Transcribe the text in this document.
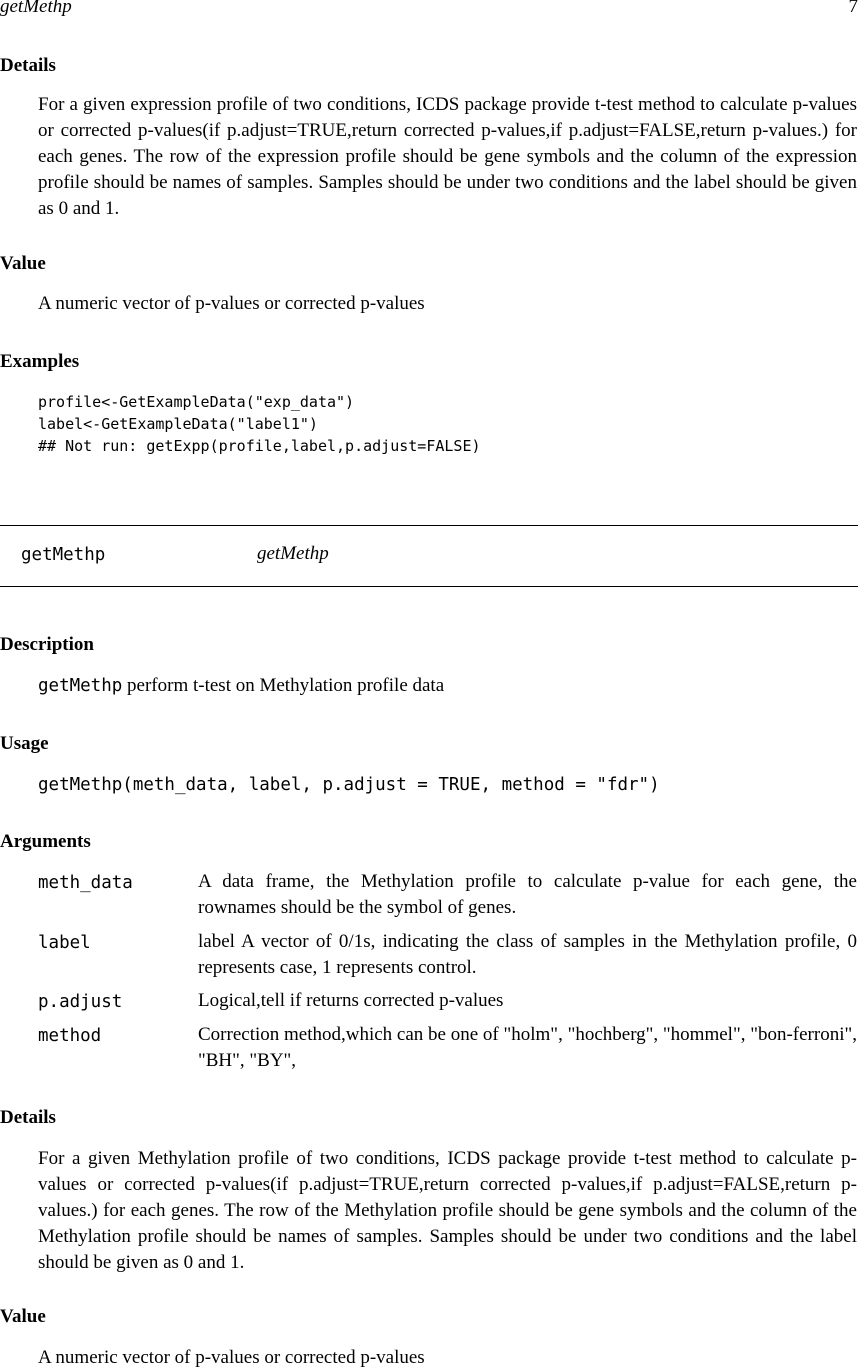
getMethp	7
Details
For a given expression profile of two conditions, ICDS package provide t-test method to calculate p-values or corrected p-values(if p.adjust=TRUE,return corrected p-values,if p.adjust=FALSE,return p-values.) for each genes. The row of the expression profile should be gene symbols and the column of the expression profile should be names of samples. Samples should be under two conditions and the label should be given as 0 and 1.
Value
A numeric vector of p-values or corrected p-values
Examples
profile<-GetExampleData("exp_data")
label<-GetExampleData("label1")
## Not run: getExpp(profile,label,p.adjust=FALSE)
getMethp	getMethp
Description
getMethp perform t-test on Methylation profile data
Usage
getMethp(meth_data, label, p.adjust = TRUE, method = "fdr")
Arguments
meth_data	A data frame, the Methylation profile to calculate p-value for each gene, the rownames should be the symbol of genes.
label	label A vector of 0/1s, indicating the class of samples in the Methylation profile, 0 represents case, 1 represents control.
p.adjust	Logical,tell if returns corrected p-values
method	Correction method,which can be one of "holm", "hochberg", "hommel", "bon-ferroni", "BH", "BY",
Details
For a given Methylation profile of two conditions, ICDS package provide t-test method to calculate p-values or corrected p-values(if p.adjust=TRUE,return corrected p-values,if p.adjust=FALSE,return p-values.) for each genes. The row of the Methylation profile should be gene symbols and the column of the Methylation profile should be names of samples. Samples should be under two conditions and the label should be given as 0 and 1.
Value
A numeric vector of p-values or corrected p-values
